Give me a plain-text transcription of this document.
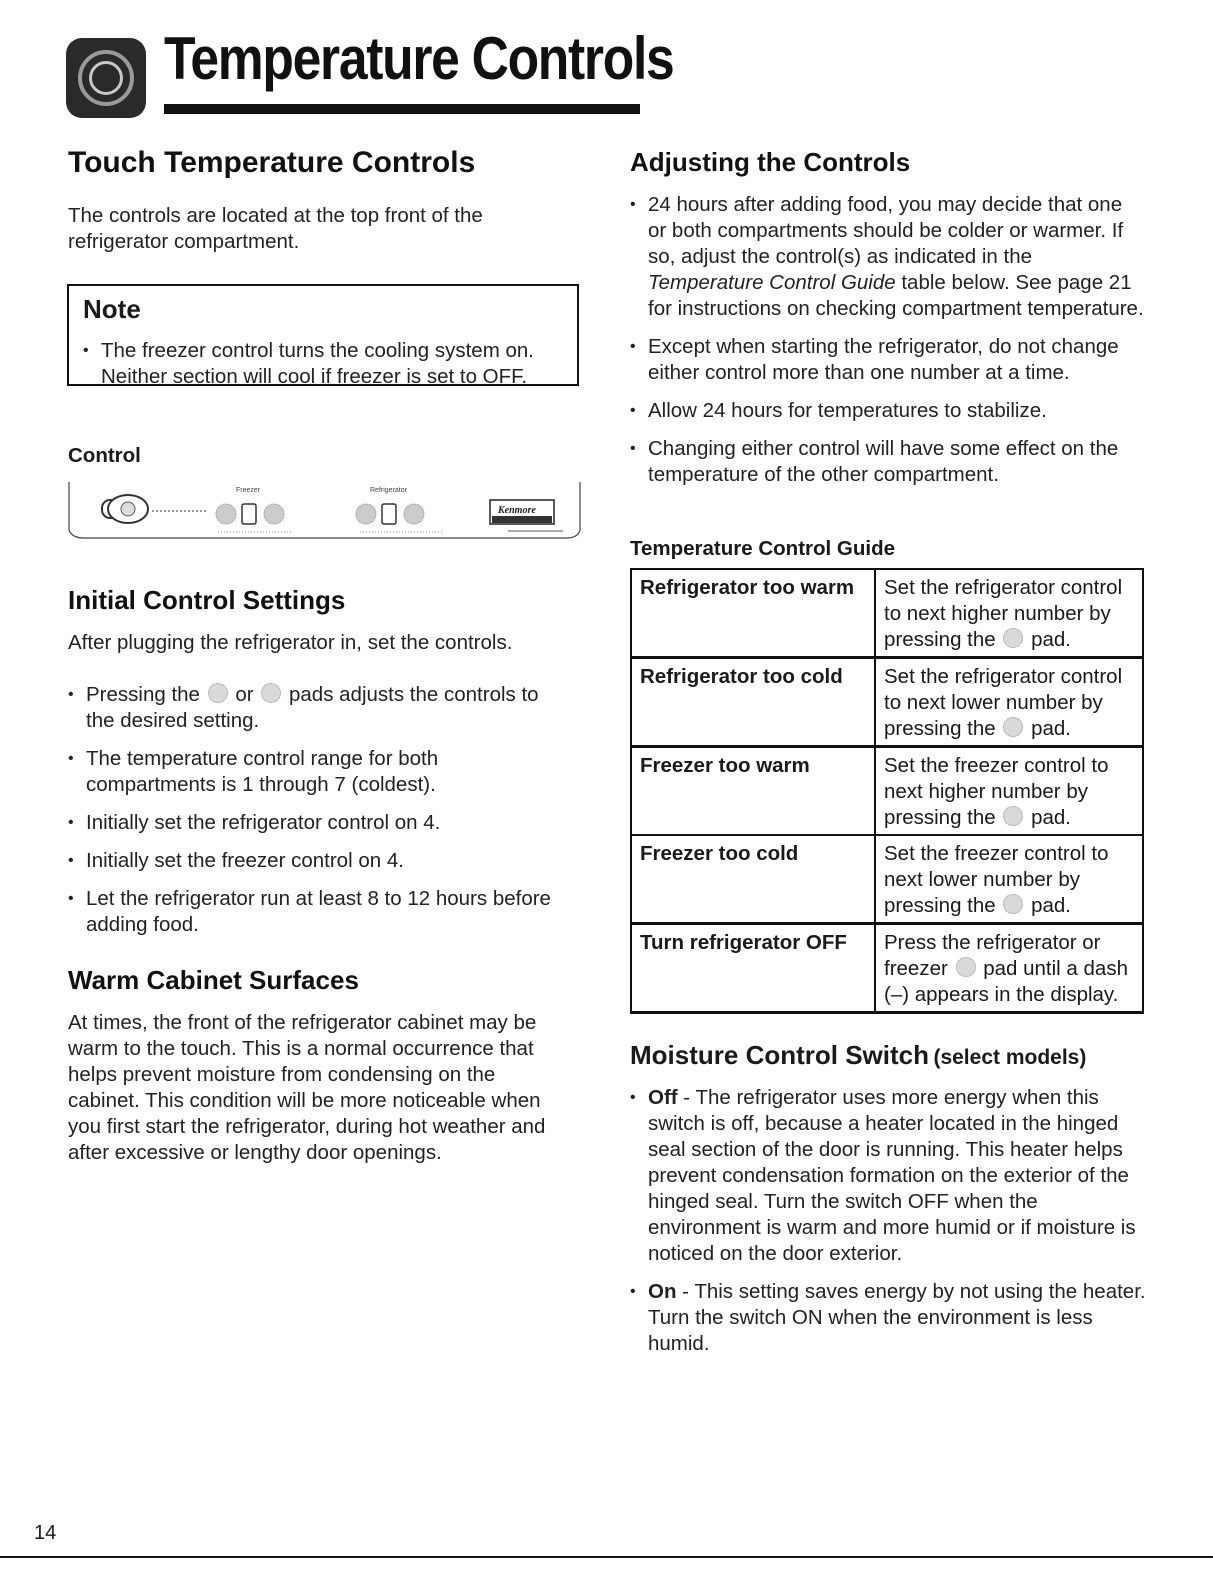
Temperature Controls
Touch Temperature Controls
The controls are located at the top front of the refrigerator compartment.
Note
• The freezer control turns the cooling system on. Neither section will cool if freezer is set to OFF.
Control
Freezer	Refrigerator
Kenmore
Initial Control Settings
After plugging the refrigerator in, set the controls.
• Pressing the or pads adjusts the controls to the desired setting.
• The temperature control range for both compartments is 1 through 7 (coldest).
• Initially set the refrigerator control on 4.
• Initially set the freezer control on 4.
• Let the refrigerator run at least 8 to 12 hours before adding food.
Warm Cabinet Surfaces
At times, the front of the refrigerator cabinet may be warm to the touch. This is a normal occurrence that helps prevent moisture from condensing on the cabinet. This condition will be more noticeable when you first start the refrigerator, during hot weather and after excessive or lengthy door openings.
Adjusting the Controls
• 24 hours after adding food, you may decide that one or both compartments should be colder or warmer. If so, adjust the control(s) as indicated in the Temperature Control Guide table below. See page 21 for instructions on checking compartment temperature.
• Except when starting the refrigerator, do not change either control more than one number at a time.
• Allow 24 hours for temperatures to stabilize.
• Changing either control will have some effect on the temperature of the other compartment.
Temperature Control Guide
Refrigerator too warm	Set the refrigerator control to next higher number by pressing the pad.
Refrigerator too cold	Set the refrigerator control to next lower number by pressing the pad.
Freezer too warm	Set the freezer control to next higher number by pressing the pad.
Freezer too cold	Set the freezer control to next lower number by pressing the pad.
Turn refrigerator OFF	Press the refrigerator or freezer pad until a dash (–) appears in the display.
Moisture Control Switch (select models)
• Off - The refrigerator uses more energy when this switch is off, because a heater located in the hinged seal section of the door is running. This heater helps prevent condensation formation on the exterior of the hinged seal. Turn the switch OFF when the environment is warm and more humid or if moisture is noticed on the door exterior.
• On - This setting saves energy by not using the heater. Turn the switch ON when the environment is less humid.
14
